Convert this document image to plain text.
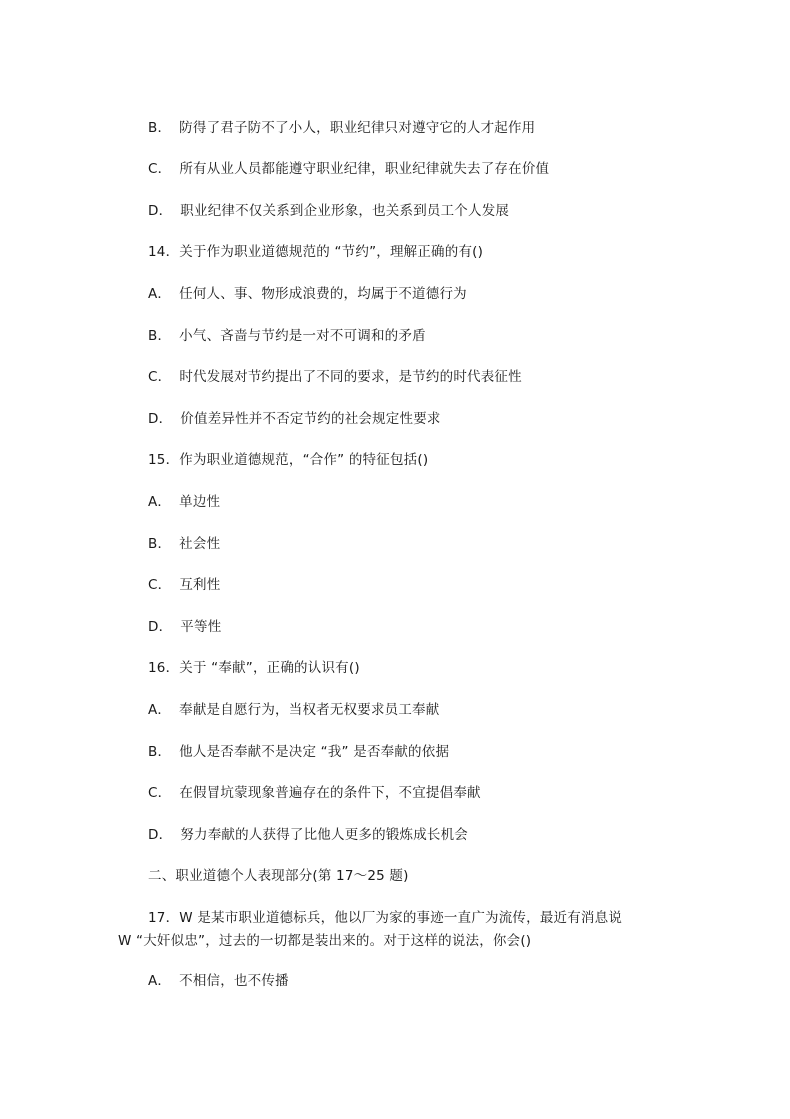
B． 防得了君子防不了小人，职业纪律只对遵守它的人才起作用
C． 所有从业人员都能遵守职业纪律，职业纪律就失去了存在价值
D． 职业纪律不仅关系到企业形象，也关系到员工个人发展
14．关于作为职业道德规范的 “节约”，理解正确的有()
A． 任何人、事、物形成浪费的，均属于不道德行为
B． 小气、吝啬与节约是一对不可调和的矛盾
C． 时代发展对节约提出了不同的要求，是节约的时代表征性
D． 价值差异性并不否定节约的社会规定性要求
15．作为职业道德规范，“合作” 的特征包括()
A． 单边性
B． 社会性
C． 互利性
D． 平等性
16．关于 “奉献”，正确的认识有()
A． 奉献是自愿行为，当权者无权要求员工奉献
B． 他人是否奉献不是决定 “我” 是否奉献的依据
C． 在假冒坑蒙现象普遍存在的条件下，不宜提倡奉献
D． 努力奉献的人获得了比他人更多的锻炼成长机会
二、职业道德个人表现部分(第 17～25 题)
17．W 是某市职业道德标兵，他以厂为家的事迹一直广为流传，最近有消息说
W “大奸似忠”，过去的一切都是装出来的。对于这样的说法，你会()
A． 不相信，也不传播
